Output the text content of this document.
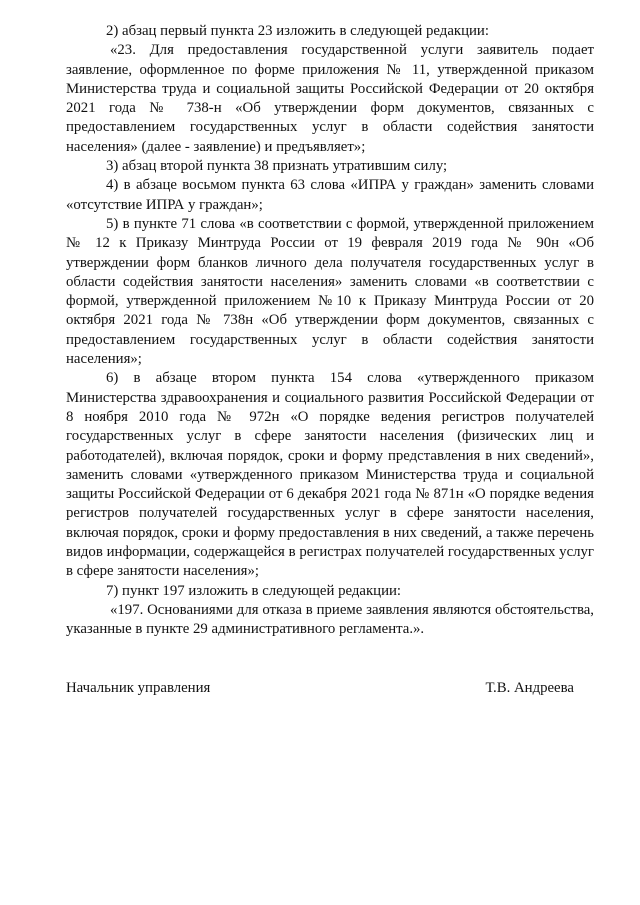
2) абзац первый пункта 23 изложить в следующей редакции:

«23. Для предоставления государственной услуги заявитель подает заявление, оформленное по форме приложения № 11, утвержденной приказом Министерства труда и социальной защиты Российской Федерации от 20 октября 2021 года № 738-н «Об утверждении форм документов, связанных с предоставлением государственных услуг в области содействия занятости населения» (далее - заявление) и предъявляет»;

3) абзац второй пункта 38 признать утратившим силу;

4) в абзаце восьмом пункта 63 слова «ИПРА у граждан» заменить словами «отсутствие ИПРА у граждан»;

5) в пункте 71 слова «в соответствии с формой, утвержденной приложением № 12 к Приказу Минтруда России от 19 февраля 2019 года № 90н «Об утверждении форм бланков личного дела получателя государственных услуг в области содействия занятости населения» заменить словами «в соответствии с формой, утвержденной приложением №10 к Приказу Минтруда России от 20 октября 2021 года № 738н «Об утверждении форм документов, связанных с предоставлением государственных услуг в области содействия занятости населения»;

6) в абзаце втором пункта 154 слова «утвержденного приказом Министерства здравоохранения и социального развития Российской Федерации от 8 ноября 2010 года № 972н «О порядке ведения регистров получателей государственных услуг в сфере занятости населения (физических лиц и работодателей), включая порядок, сроки и форму представления в них сведений», заменить словами «утвержденного приказом Министерства труда и социальной защиты Российской Федерации от 6 декабря 2021 года № 871н «О порядке ведения регистров получателей государственных услуг в сфере занятости населения, включая порядок, сроки и форму предоставления в них сведений, а также перечень видов информации, содержащейся в регистрах получателей государственных услуг в сфере занятости населения»;

7) пункт 197 изложить в следующей редакции:

«197. Основаниями для отказа в приеме заявления являются обстоятельства, указанные в пункте 29 административного регламента.».

Начальник управления	Т.В. Андреева
